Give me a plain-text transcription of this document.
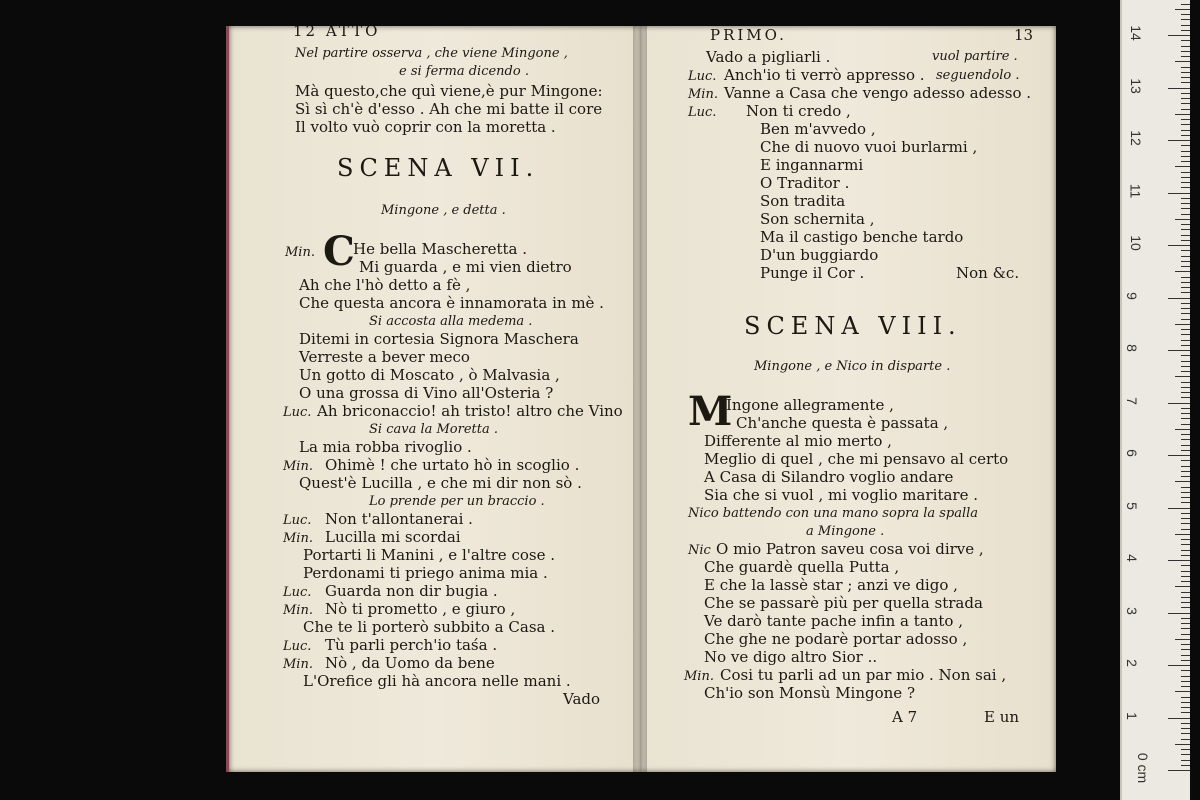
12 ATTO
Nel partire osserva , che viene Mingone ,
e si ferma dicendo .
Mà questo,che quì viene,è pur Mingone:
Sì sì ch'è d'esso . Ah che mi batte il core
Il volto vuò coprir con la moretta .
SCENA VII.
Mingone , e detta .
Min. C
He bella Mascheretta .
Mi guarda , e mi vien dietro
Ah che l'hò detto a fè ,
Che questa ancora è innamorata in mè .
Si accosta alla medema .
Ditemi in cortesia Signora Maschera
Verreste a bever meco
Un gotto di Moscato , ò Malvasia ,
O una grossa di Vino all'Osteria ?
Luc. Ah briconaccio! ah tristo! altro che Vino
Si cava la Moretta .
La mia robba rivoglio .
Min. Ohimè ! che urtato hò in scoglio .
Quest'è Lucilla , e che mi dir non sò .
Lo prende per un braccio .
Luc. Non t'allontanerai .
Min. Lucilla mi scordai
Portarti li Manini , e l'altre cose .
Perdonami ti priego anima mia .
Luc. Guarda non dir bugia .
Min. Nò ti prometto , e giuro ,
Che te li porterò subbito a Casa .
Luc. Tù parli perch'io taśa .
Min. Nò , da Uomo da bene
L'Orefice gli hà ancora nelle mani .
Vado
PRIMO.	13
Vado a pigliarli .	vuol partire .
Luc. Anch'io ti verrò appresso . seguendolo .
Min. Vanne a Casa che vengo adesso adesso .
Luc. Non ti credo ,
Ben m'avvedo ,
Che di nuovo vuoi burlarmi ,
E ingannarmi
O Traditor .
Son tradita
Son schernita ,
Ma il castigo benche tardo
D'un buggiardo
Punge il Cor .	Non &c.
SCENA VIII.
Mingone , e Nico in disparte .
M
Ingone allegramente ,
Ch'anche questa è passata ,
Differente al mio merto ,
Meglio di quel , che mi pensavo al certo
A Casa di Silandro voglio andare
Sia che si vuol , mi voglio maritare .
Nico battendo con una mano sopra la spalla
a Mingone .
Nic O mio Patron saveu cosa voi dirve ,
Che guardè quella Putta ,
E che la lassè star ; anzi ve digo ,
Che se passarè più per quella strada
Ve darò tante pache infin a tanto ,
Che ghe ne podarè portar adosso ,
No ve digo altro Sior ..
Min. Cosi tu parli ad un par mio . Non sai ,
Ch'io son Monsù Mingone ?
A 7	E un
0 cm
1
2
3
4
5
6
7
8
9
10
11
12
13
14
